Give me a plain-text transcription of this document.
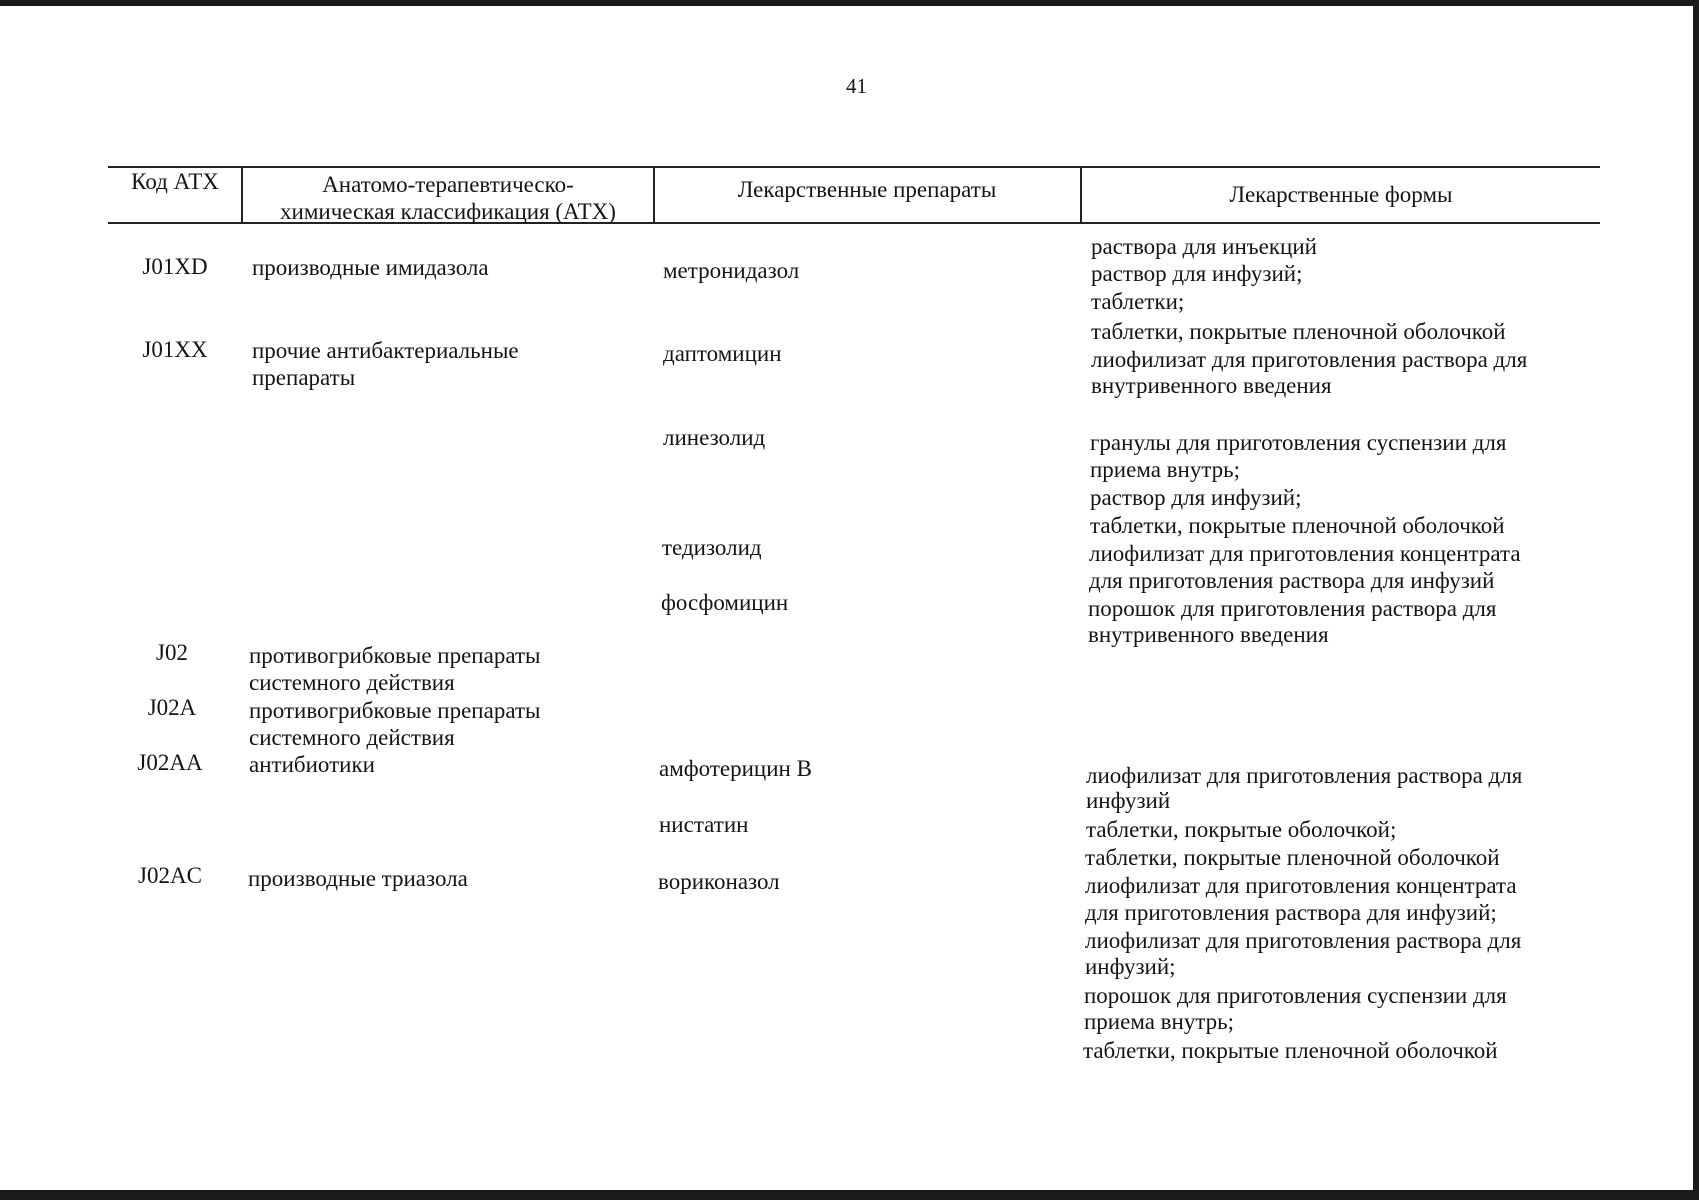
41
Код АТХ	Анатомо-терапевтическо-
химическая классификация (АТХ)
Лекарственные препараты	Лекарственные формы
J01XD
J01XX
J02
J02A
J02AA
J02AC
производные имидазола
прочие антибактериальные
препараты
противогрибковые препараты
системного действия
противогрибковые препараты
системного действия
антибиотики
производные триазола
метронидазол
даптомицин
линезолид
тедизолид
фосфомицин
амфотерицин B
нистатин
вориконазол
раствора для инъекций
раствор для инфузий;
таблетки;
таблетки, покрытые пленочной оболочкой
лиофилизат для приготовления раствора для
внутривенного введения
гранулы для приготовления суспензии для
приема внутрь;
раствор для инфузий;
таблетки, покрытые пленочной оболочкой
лиофилизат для приготовления концентрата
для приготовления раствора для инфузий
порошок для приготовления раствора для
внутривенного введения
лиофилизат для приготовления раствора для
инфузий
таблетки, покрытые оболочкой;
таблетки, покрытые пленочной оболочкой
лиофилизат для приготовления концентрата
для приготовления раствора для инфузий;
лиофилизат для приготовления раствора для
инфузий;
порошок для приготовления суспензии для
приема внутрь;
таблетки, покрытые пленочной оболочкой
